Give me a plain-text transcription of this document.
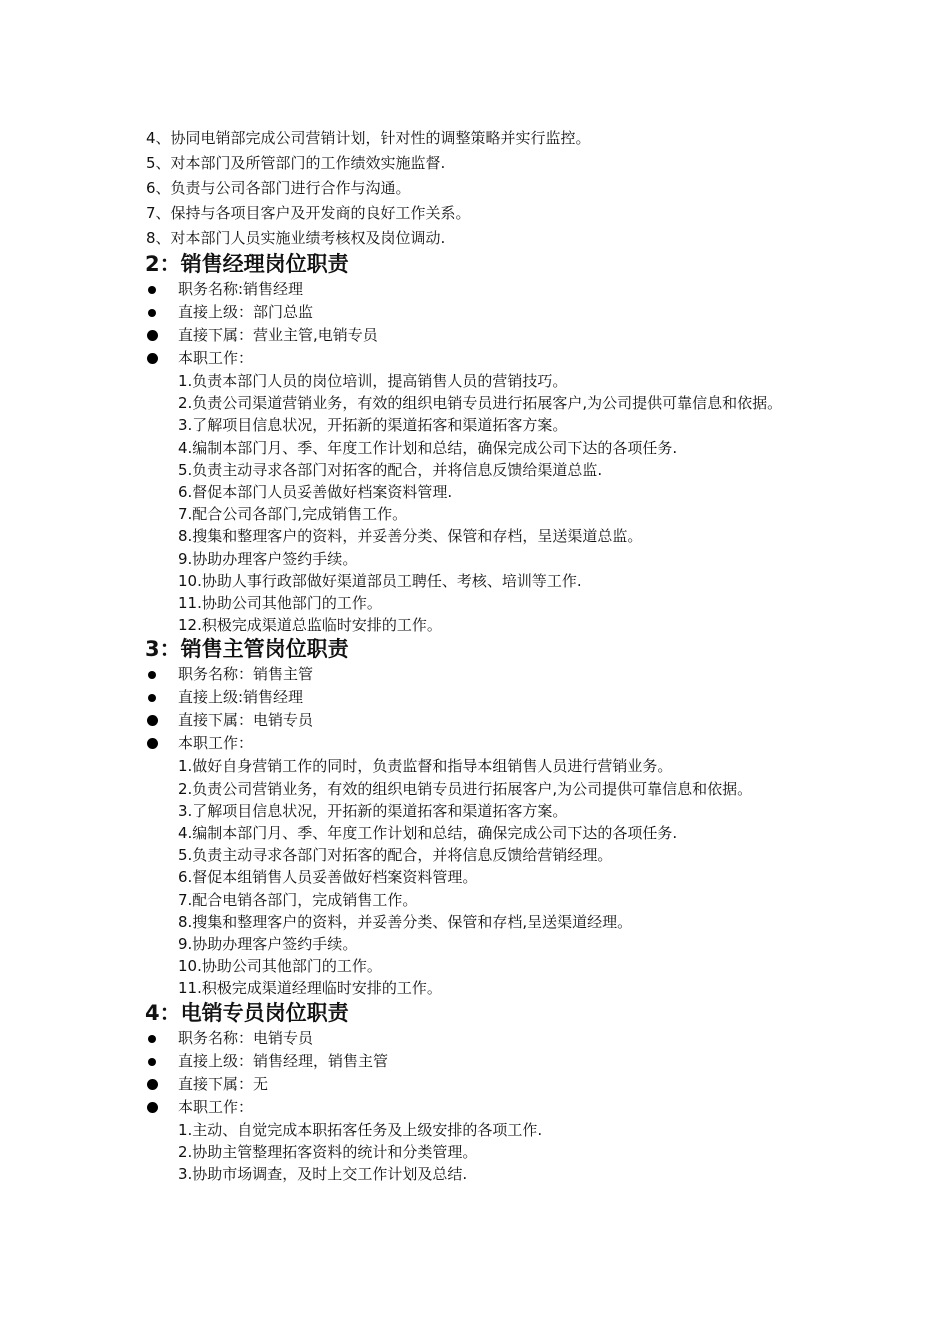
4、协同电销部完成公司营销计划，针对性的调整策略并实行监控。
5、对本部门及所管部门的工作绩效实施监督.
6、负责与公司各部门进行合作与沟通。
7、保持与各项目客户及开发商的良好工作关系。
8、对本部门人员实施业绩考核权及岗位调动.
2：销售经理岗位职责
职务名称:销售经理
直接上级：部门总监
直接下属：营业主管,电销专员
本职工作：
1.负责本部门人员的岗位培训，提高销售人员的营销技巧。
2.负责公司渠道营销业务，有效的组织电销专员进行拓展客户,为公司提供可靠信息和依据。
3.了解项目信息状况，开拓新的渠道拓客和渠道拓客方案。
4.编制本部门月、季、年度工作计划和总结，确保完成公司下达的各项任务.
5.负责主动寻求各部门对拓客的配合，并将信息反馈给渠道总监.
6.督促本部门人员妥善做好档案资料管理.
7.配合公司各部门,完成销售工作。
8.搜集和整理客户的资料，并妥善分类、保管和存档，呈送渠道总监。
9.协助办理客户签约手续。
10.协助人事行政部做好渠道部员工聘任、考核、培训等工作.
11.协助公司其他部门的工作。
12.积极完成渠道总监临时安排的工作。
3：销售主管岗位职责
职务名称：销售主管
直接上级:销售经理
直接下属：电销专员
本职工作：
1.做好自身营销工作的同时，负责监督和指导本组销售人员进行营销业务。
2.负责公司营销业务，有效的组织电销专员进行拓展客户,为公司提供可靠信息和依据。
3.了解项目信息状况，开拓新的渠道拓客和渠道拓客方案。
4.编制本部门月、季、年度工作计划和总结，确保完成公司下达的各项任务.
5.负责主动寻求各部门对拓客的配合，并将信息反馈给营销经理。
6.督促本组销售人员妥善做好档案资料管理。
7.配合电销各部门，完成销售工作。
8.搜集和整理客户的资料，并妥善分类、保管和存档,呈送渠道经理。
9.协助办理客户签约手续。
10.协助公司其他部门的工作。
11.积极完成渠道经理临时安排的工作。
4：电销专员岗位职责
职务名称：电销专员
直接上级：销售经理，销售主管
直接下属：无
本职工作：
1.主动、自觉完成本职拓客任务及上级安排的各项工作.
2.协助主管整理拓客资料的统计和分类管理。
3.协助市场调查，及时上交工作计划及总结.
